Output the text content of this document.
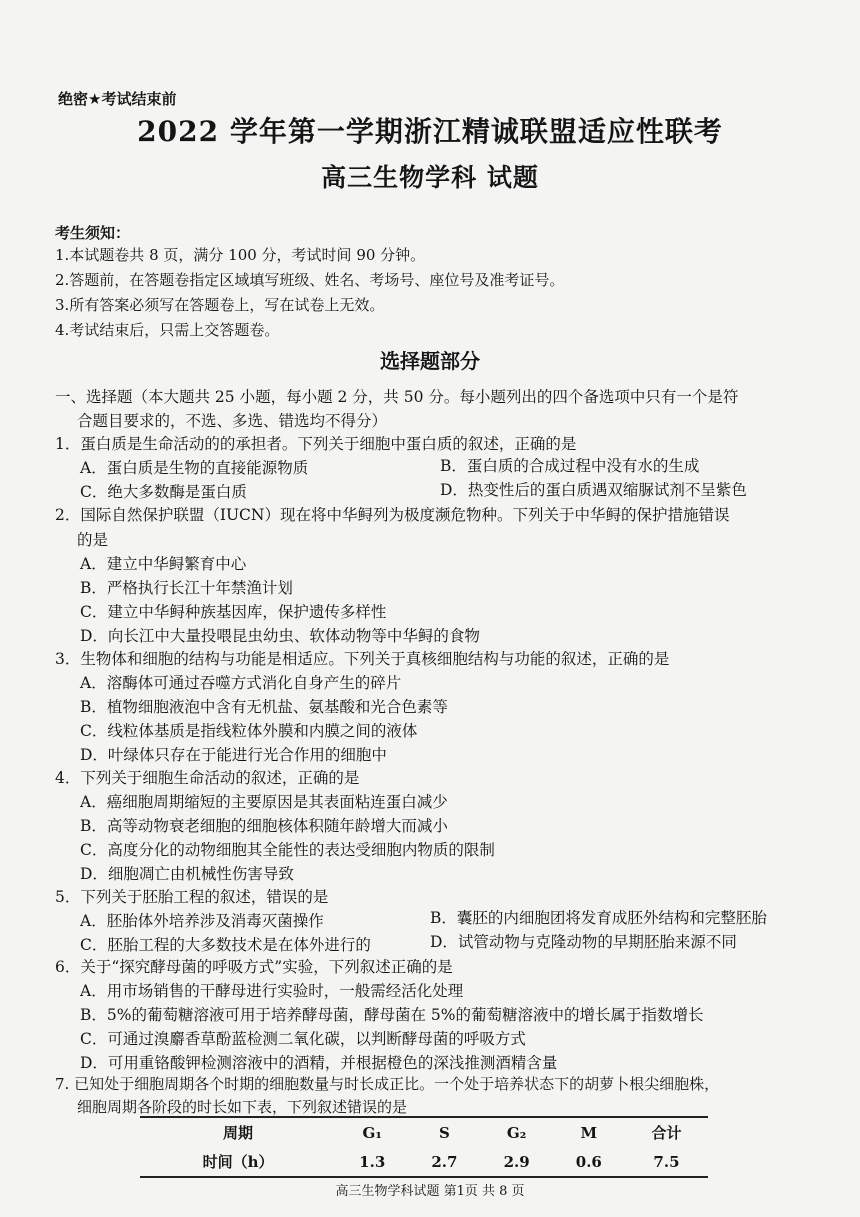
绝密★考试结束前
2022 学年第一学期浙江精诚联盟适应性联考
高三生物学科 试题
考生须知：
1.本试题卷共 8 页，满分 100 分，考试时间 90 分钟。
2.答题前，在答题卷指定区域填写班级、姓名、考场号、座位号及准考证号。
3.所有答案必须写在答题卷上，写在试卷上无效。
4.考试结束后，只需上交答题卷。
选择题部分
一、选择题（本大题共 25 小题，每小题 2 分，共 50 分。每小题列出的四个备选项中只有一个是符
合题目要求的，不选、多选、错选均不得分）
1．蛋白质是生命活动的的承担者。下列关于细胞中蛋白质的叙述，正确的是
A．蛋白质是生物的直接能源物质	B．蛋白质的合成过程中没有水的生成
C．绝大多数酶是蛋白质	D．热变性后的蛋白质遇双缩脲试剂不呈紫色
2．国际自然保护联盟（IUCN）现在将中华鲟列为极度濒危物种。下列关于中华鲟的保护措施错误
的是
A．建立中华鲟繁育中心
B．严格执行长江十年禁渔计划
C．建立中华鲟种族基因库，保护遗传多样性
D．向长江中大量投喂昆虫幼虫、软体动物等中华鲟的食物
3．生物体和细胞的结构与功能是相适应。下列关于真核细胞结构与功能的叙述，正确的是
A．溶酶体可通过吞噬方式消化自身产生的碎片
B．植物细胞液泡中含有无机盐、氨基酸和光合色素等
C．线粒体基质是指线粒体外膜和内膜之间的液体
D．叶绿体只存在于能进行光合作用的细胞中
4．下列关于细胞生命活动的叙述，正确的是
A．癌细胞周期缩短的主要原因是其表面粘连蛋白减少
B．高等动物衰老细胞的细胞核体积随年龄增大而减小
C．高度分化的动物细胞其全能性的表达受细胞内物质的限制
D．细胞凋亡由机械性伤害导致
5．下列关于胚胎工程的叙述，错误的是
A．胚胎体外培养涉及消毒灭菌操作	B．囊胚的内细胞团将发育成胚外结构和完整胚胎
C．胚胎工程的大多数技术是在体外进行的	D．试管动物与克隆动物的早期胚胎来源不同
6．关于“探究酵母菌的呼吸方式”实验，下列叙述正确的是
A．用市场销售的干酵母进行实验时，一般需经活化处理
B．5%的葡萄糖溶液可用于培养酵母菌，酵母菌在 5%的葡萄糖溶液中的增长属于指数增长
C．可通过溴麝香草酚蓝检测二氧化碳，以判断酵母菌的呼吸方式
D．可用重铬酸钾检测溶液中的酒精，并根据橙色的深浅推测酒精含量
7. 已知处于细胞周期各个时期的细胞数量与时长成正比。一个处于培养状态下的胡萝卜根尖细胞株，
细胞周期各阶段的时长如下表，下列叙述错误的是
周期	G₁	S	G₂	M	合计
时间（h）	1.3	2.7	2.9	0.6	7.5
高三生物学科试题 第1页 共 8 页
